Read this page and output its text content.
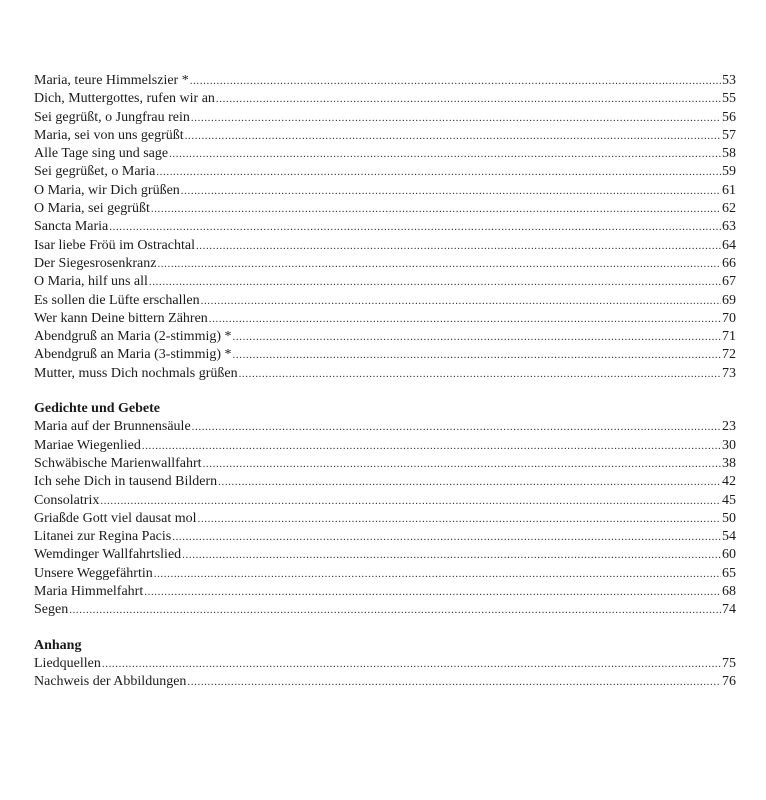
Maria, teure Himmelszier * .....	53
Dich, Muttergottes, rufen wir an .....	55
Sei gegrüßt, o Jungfrau rein .....	56
Maria, sei von uns gegrüßt .....	57
Alle Tage sing und sage .....	58
Sei gegrüßet, o Maria .....	59
O Maria, wir Dich grüßen .....	61
O Maria, sei gegrüßt .....	62
Sancta Maria .....	63
Isar liebe Fröü im Ostrachtal .....	64
Der Siegesrosenkranz .....	66
O Maria, hilf uns all .....	67
Es sollen die Lüfte erschallen .....	69
Wer kann Deine bittern Zähren .....	70
Abendgruß an Maria (2-stimmig) * .....	71
Abendgruß an Maria (3-stimmig) * .....	72
Mutter, muss Dich nochmals grüßen .....	73
Gedichte und Gebete
Maria auf der Brunnensäule .....	23
Mariae Wiegenlied .....	30
Schwäbische Marienwallfahrt .....	38
Ich sehe Dich in tausend Bildern .....	42
Consolatrix .....	45
Griaßde Gott viel dausat mol .....	50
Litanei zur Regina Pacis .....	54
Wemdinger Wallfahrtslied .....	60
Unsere Weggefährtin .....	65
Maria Himmelfahrt .....	68
Segen .....	74
Anhang
Liedquellen .....	75
Nachweis der Abbildungen .....	76
